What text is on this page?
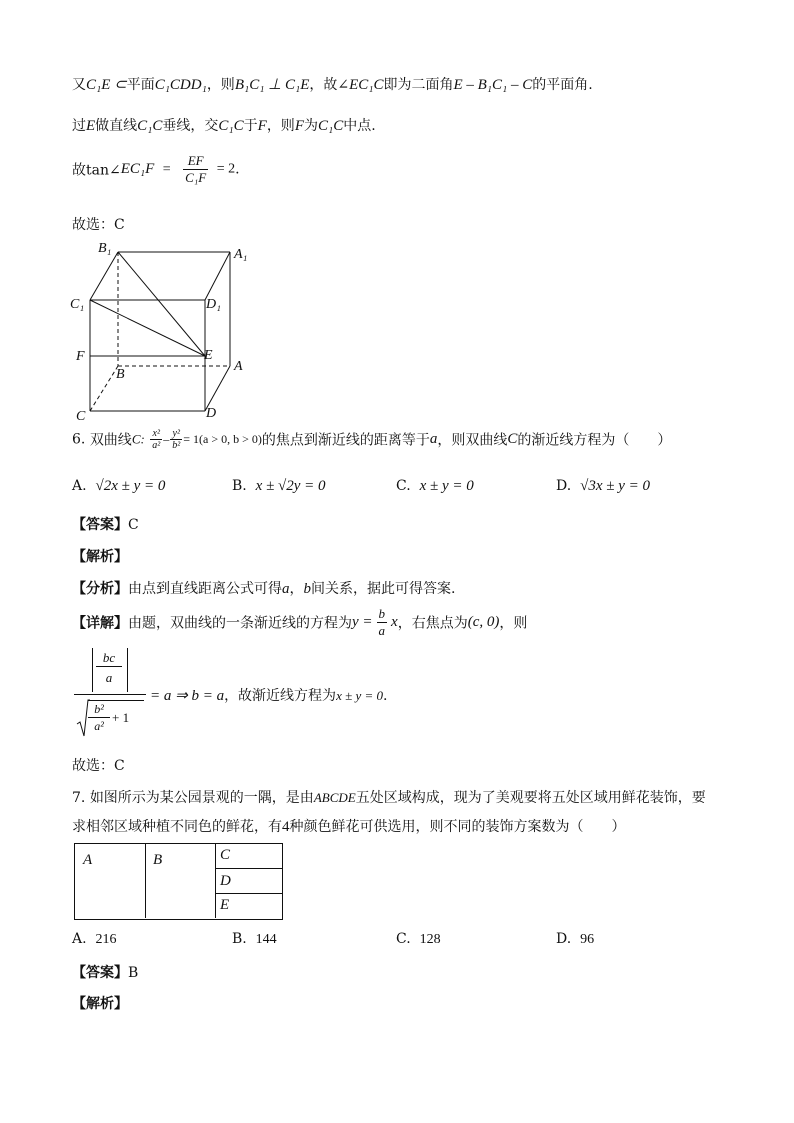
又C₁E ⊂平面C₁CDD₁，则B₁C₁ ⊥ C₁E，故∠EC₁C即为二面角E – B₁C₁ – C的平面角.
过E做直线C₁C垂线，交C₁C于F，则F为C₁C中点.
故tan∠EC₁F = $\frac{EF}{\text{C₁F}} = 2$.
故选：C
B₁	A₁
C₁	D₁
F	E
B
A
C	D
6. 双曲线C: $\frac{\text{x²}}{\text{a²}} - \frac{\text{y²}}{\text{b²}} = 1(a > 0$, b > 0)的焦点到渐近线的距离等于a，则双曲线C的渐近线方程为（　　）
A. √2x ± y = 0	B. x ± √2y = 0	C. x ± y = 0	D. √3x ± y = 0
【答案】C
【解析】
【分析】由点到直线距离公式可得a，b间关系，据此可得答案.
【详解】由题，双曲线的一条渐近线的方程为$y = \frac{b}{a}$ x，右焦点为(c, 0)，则
bc
a
b²
a²
+ 1
= a ⇒ b = a，故渐近线方程为x ± y = 0.
故选：C
7. 如图所示为某公园景观的一隅，是由ABCDE五处区域构成，现为了美观要将五处区域用鲜花装饰，要
求相邻区域种植不同色的鲜花，有4种颜色鲜花可供选用，则不同的装饰方案数为（　　）
A	B	C
D
E
A. 216	B. 144	C. 128	D. 96
【答案】B
【解析】
